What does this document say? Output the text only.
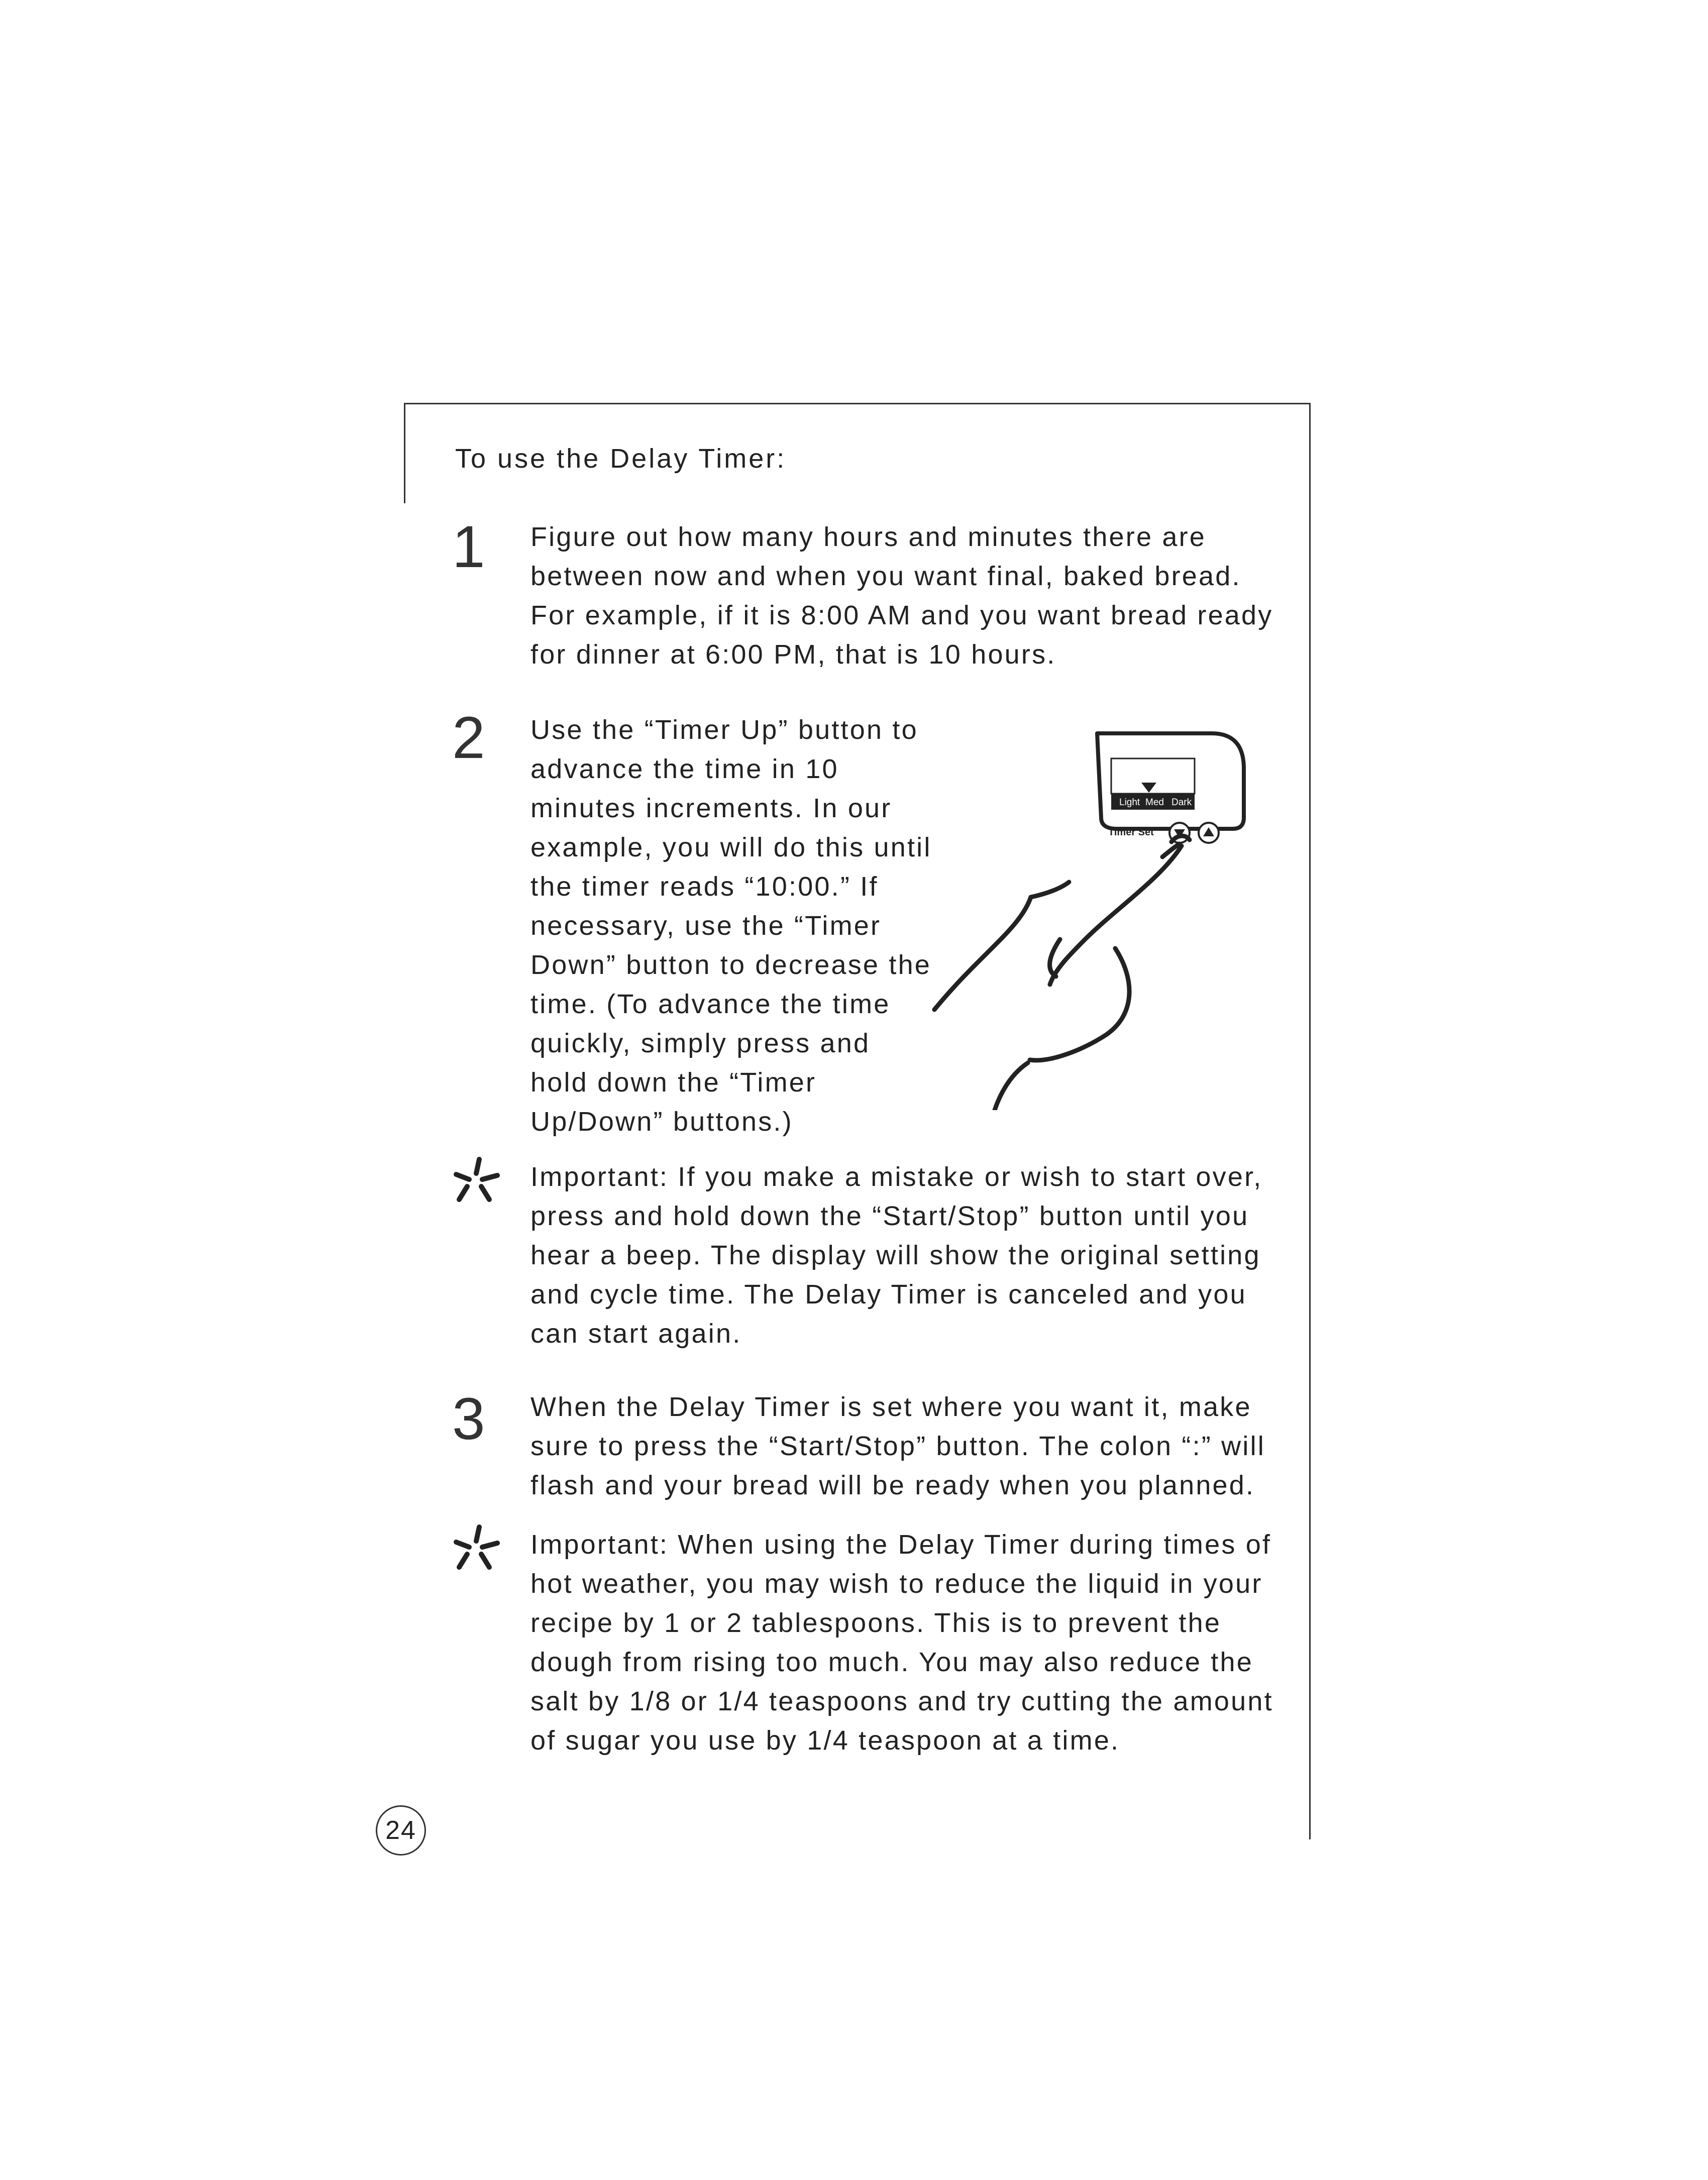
To use the Delay Timer:
1 Figure out how many hours and minutes there are
between now and when you want final, baked bread.
For example, if it is 8:00 AM and you want bread ready
for dinner at 6:00 PM, that is 10 hours.
2 Use the “Timer Up” button to
advance the time in 10
minutes increments. In our
example, you will do this until
the timer reads “10:00.” If
necessary, use the “Timer
Down” button to decrease the
time. (To advance the time
quickly, simply press and
hold down the “Timer
Up/Down” buttons.)
Light Med Dark
Timer Set
Important: If you make a mistake or wish to start over,
press and hold down the “Start/Stop” button until you
hear a beep. The display will show the original setting
and cycle time. The Delay Timer is canceled and you
can start again.
3 When the Delay Timer is set where you want it, make
sure to press the “Start/Stop” button. The colon “:” will
flash and your bread will be ready when you planned.
Important: When using the Delay Timer during times of
hot weather, you may wish to reduce the liquid in your
recipe by 1 or 2 tablespoons. This is to prevent the
dough from rising too much. You may also reduce the
salt by 1/8 or 1/4 teaspoons and try cutting the amount
of sugar you use by 1/4 teaspoon at a time.
24
